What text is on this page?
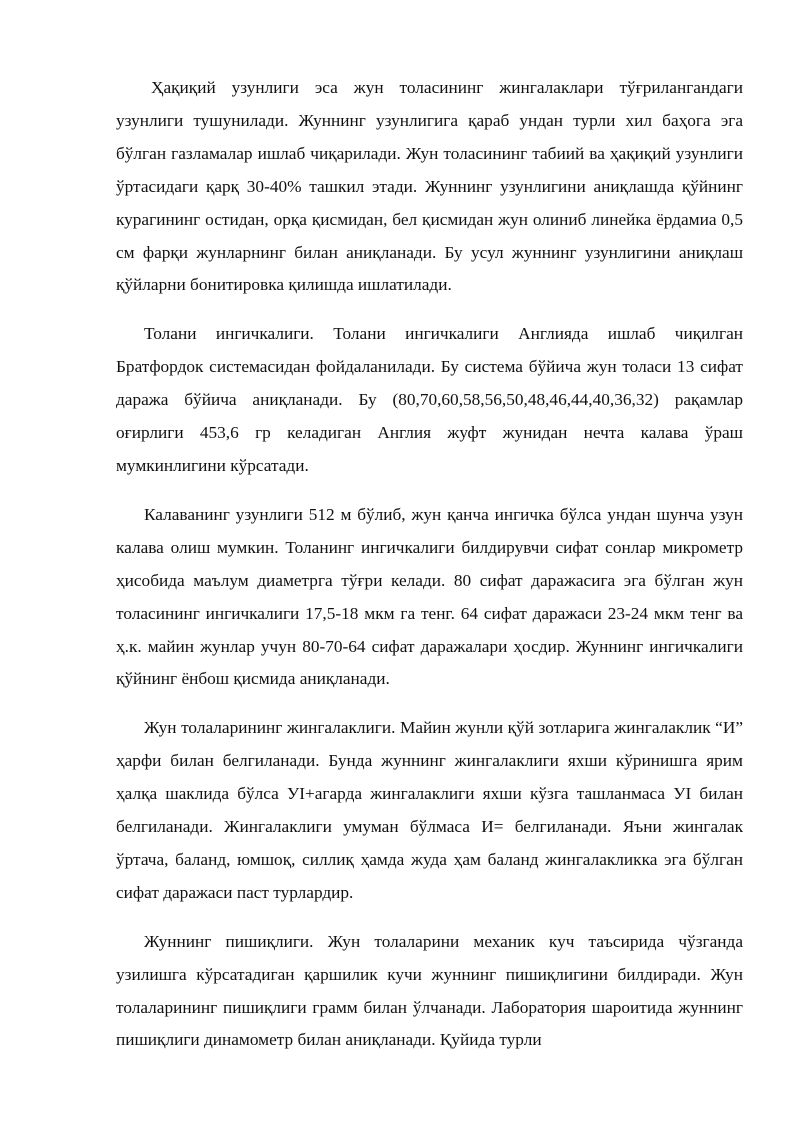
Ҳақиқий узунлиги эса жун толасининг жингалаклари тўғрилангандаги узунлиги тушунилади. Жуннинг узунлигига қараб ундан турли хил баҳога эга бўлган газламалар ишлаб чиқарилади. Жун толасининг табиий ва ҳақиқий узунлиги ўртасидаги қарқ 30-40% ташкил этади. Жуннинг узунлигини аниқлашда қўйнинг курагининг остидан, орқа қисмидан, бел қисмидан жун олиниб линейка ёрдамиа 0,5 см фарқи жунларнинг билан аниқланади. Бу усул жуннинг узунлигини аниқлаш қўйларни бонитировка қилишда ишлатилади.

Толани ингичкалиги. Толани ингичкалиги Англияда ишлаб чиқилган Братфордок системасидан фойдаланилади. Бу система бўйича жун толаси 13 сифат даража бўйича аниқланади. Бу (80,70,60,58,56,50,48,46,44,40,36,32) рақамлар оғирлиги 453,6 гр келадиган Англия жуфт жунидан нечта калава ўраш мумкинлигини кўрсатади.

Калаванинг узунлиги 512 м бўлиб, жун қанча ингичка бўлса ундан шунча узун калава олиш мумкин. Толанинг ингичкалиги билдирувчи сифат сонлар микрометр ҳисобида маълум диаметрга тўғри келади. 80 сифат даражасига эга бўлган жун толасининг ингичкалиги 17,5-18 мкм га тенг. 64 сифат даражаси 23-24 мкм тенг ва ҳ.к. майин жунлар учун 80-70-64 сифат даражалари ҳосдир. Жуннинг ингичкалиги қўйнинг ёнбош қисмида аниқланади.

Жун толаларининг жингалаклиги. Майин жунли қўй зотларига жингалаклик “И” ҳарфи билан белгиланади. Бунда жуннинг жингалаклиги яхши кўринишга ярим ҳалқа шаклида бўлса УI+агарда жингалаклиги яхши кўзга ташланмаса УI билан белгиланади. Жингалаклиги умуман бўлмаса И= белгиланади. Яъни жингалак ўртача, баланд, юмшоқ, силлиқ ҳамда жуда ҳам баланд жингалакликка эга бўлган сифат даражаси паст турлардир.

Жуннинг пишиқлиги. Жун толаларини механик куч таъсирида чўзганда узилишга кўрсатадиган қаршилик кучи жуннинг пишиқлигини билдиради. Жун толаларининг пишиқлиги грамм билан ўлчанади. Лаборатория шароитида жуннинг пишиқлиги динамометр билан аниқланади. Қуйида турли
